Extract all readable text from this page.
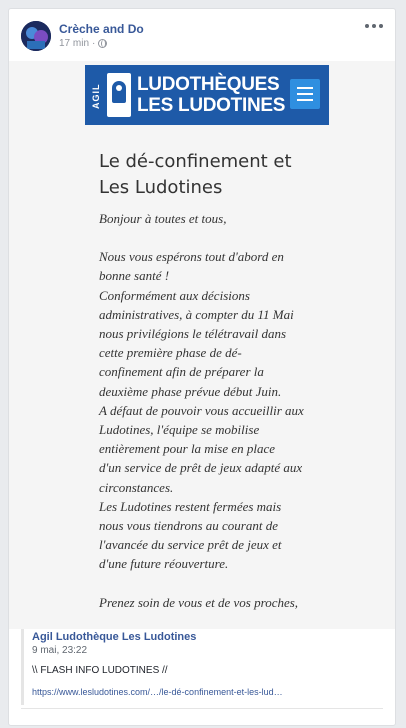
Crèche and Do
17 min ·
AGIL LUDOTHÈQUES
LES LUDOTINES
Le dé-confinement et
Les Ludotines

Bonjour à toutes et tous,

Nous vous espérons tout d'abord en
bonne santé !
Conformément aux décisions
administratives, à compter du 11 Mai
nous privilégions le télétravail dans
cette première phase de dé-
confinement afin de préparer la
deuxième phase prévue début Juin.
A défaut de pouvoir vous accueillir aux
Ludotines, l'équipe se mobilise
entièrement pour la mise en place
d'un service de prêt de jeux adapté aux
circonstances.
Les Ludotines restent fermées mais
nous vous tiendrons au courant de
l'avancée du service prêt de jeux et
d'une future réouverture.

Prenez soin de vous et de vos proches,

Agil Ludothèque Les Ludotines
9 mai, 23:22
\\ FLASH INFO LUDOTINES //
https://www.lesludotines.com/…/le-dé-confinement-et-les-lud…
